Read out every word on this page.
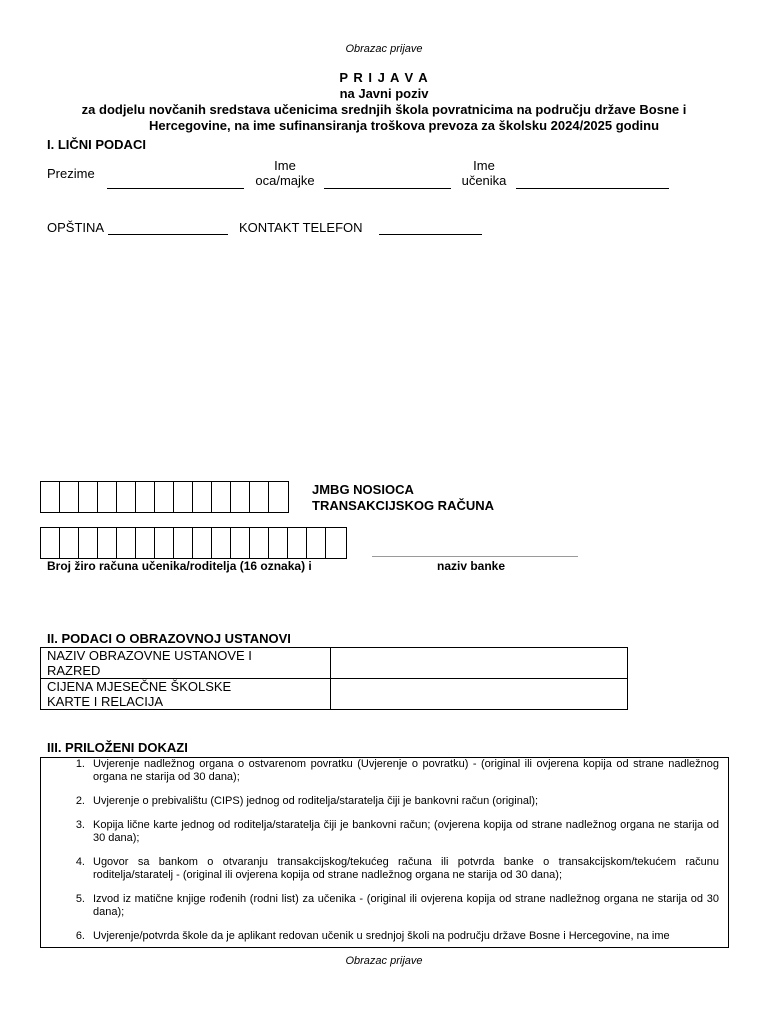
Obrazac prijave
P R I J A V A
na Javni poziv
za dodjelu novčanih sredstava učenicima srednjih škola povratnicima na području države Bosne i
Hercegovine, na ime sufinansiranja troškova prevoza za školsku 2024/2025 godinu
I. LIČNI PODACI
Prezime
Ime
oca/majke
Ime
učenika
OPŠTINA	KONTAKT TELEFON
JMBG NOSIOCA
TRANSAKCIJSKOG RAČUNA
Broj žiro računa učenika/roditelja (16 oznaka) i	naziv banke
II. PODACI O OBRAZOVNOJ USTANOVI
NAZIV OBRAZOVNE USTANOVE I
RAZRED	

CIJENA MJESEČNE ŠKOLSKE
KARTE I RELACIJA	

III. PRILOŽENI DOKAZI
1. Uvjerenje nadležnog organa o ostvarenom povratku (Uvjerenje o povratku) - (original ili ovjerena kopija od strane nadležnog organa ne starija od 30 dana);
2. Uvjerenje o prebivalištu (CIPS) jednog od roditelja/staratelja čiji je bankovni račun (original);
3. Kopija lične karte jednog od roditelja/staratelja čiji je bankovni račun; (ovjerena kopija od strane nadležnog organa ne starija od 30 dana);
4. Ugovor sa bankom o otvaranju transakcijskog/tekućeg računa ili potvrda banke o transakcijskom/tekućem računu roditelja/staratelj - (original ili ovjerena kopija od strane nadležnog organa ne starija od 30 dana);
5. Izvod iz matične knjige rođenih (rodni list) za učenika - (original ili ovjerena kopija od strane nadležnog organa ne starija od 30 dana);
6. Uvjerenje/potvrda škole da je aplikant redovan učenik u srednjoj školi na području države Bosne i Hercegovine, na ime
Obrazac prijave
